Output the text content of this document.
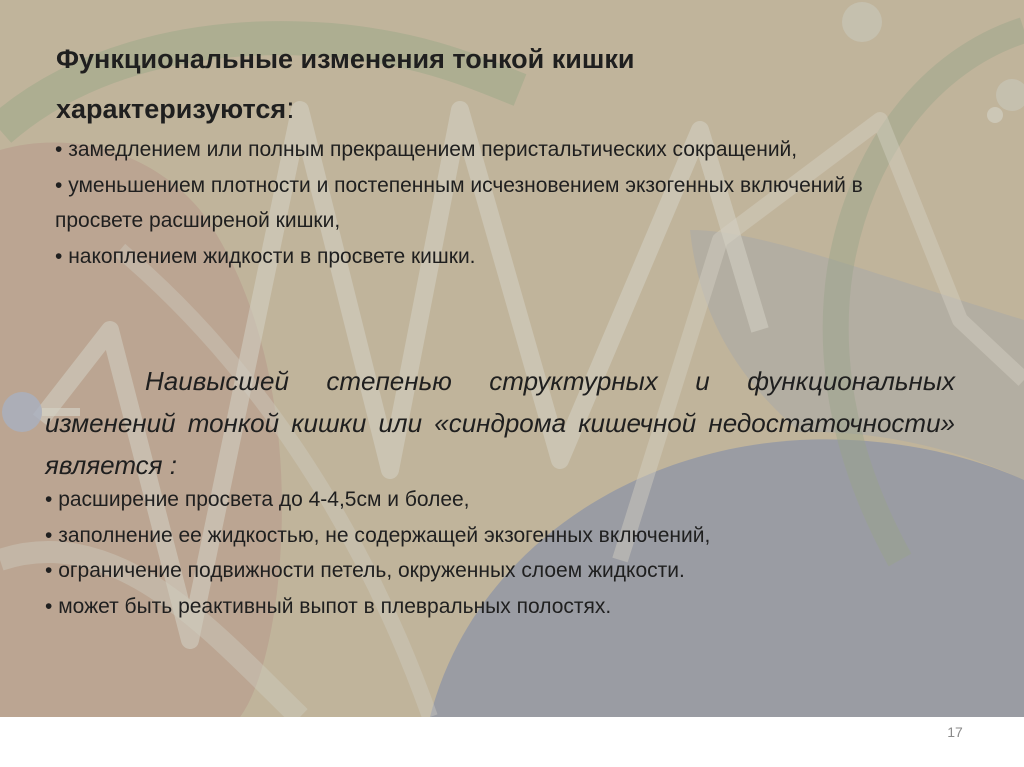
Функциональные изменения тонкой кишки
характеризуются:
• замедлением или полным прекращением перистальтических сокращений,
• уменьшением плотности и постепенным исчезновением экзогенных включений в просвете расширеной кишки,
• накоплением жидкости в просвете кишки.

Наивысшей степенью структурных и функциональных изменений тонкой кишки или «синдрома кишечной недостаточности» является :

• расширение просвета до 4-4,5см и более,
• заполнение ее жидкостью, не содержащей экзогенных включений,
• ограничение подвижности петель, окруженных слоем жидкости.
• может быть реактивный выпот в плевральных полостях.
17
